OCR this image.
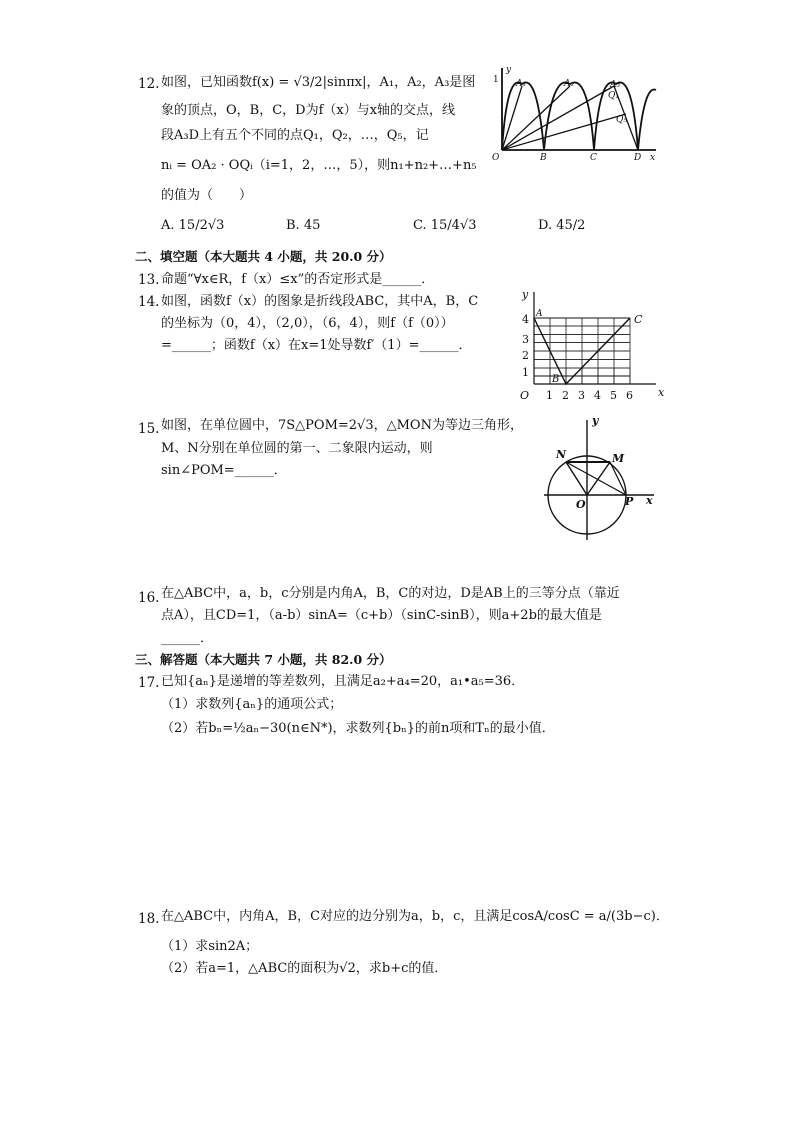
12. 如图，已知函数f(x) = √3/2|sinπx|，A₁，A₂，A₃是图
象的顶点，O，B，C，D为f（x）与x轴的交点，线
段A₃D上有五个不同的点Q₁，Q₂，…，Q₅，记
nᵢ = OA₂ · OQᵢ（i=1，2，…，5），则n₁+n₂+…+n₅
的值为（　　）
A. 15/2√3	B. 45	C. 15/4√3	D. 45/2
y
1 A₁	A₂	A₃
Q₁
Q₅
O	B	C	D x
二、填空题（本大题共 4 小题，共 20.0 分）
13. 命题“∀x∈R，f（x）≤x”的否定形式是______．
14. 如图，函数f（x）的图象是折线段ABC，其中A，B，C
的坐标为（0，4），（2,0），（6，4），则f（f（0））
=______；函数f（x）在x=1处导数f′（1）=______．
y
x
O 1 2 3 4 5 6
1
2
3
4 A
B
C
15. 如图，在单位圆中，7S△POM=2√3，△MON为等边三角形，
M、N分别在单位圆的第一、二象限内运动，则
sin∠POM=______．
y
N	M
O	P x
16. 在△ABC中，a，b，c分别是内角A，B，C的对边，D是AB上的三等分点（靠近
点A），且CD=1，（a-b）sinA=（c+b）（sinC-sinB），则a+2b的最大值是
______．
三、解答题（本大题共 7 小题，共 82.0 分）
17. 已知{aₙ}是递增的等差数列，且满足a₂+a₄=20，a₁•a₅=36．
（1）求数列{aₙ}的通项公式；
（2）若bₙ=½aₙ−30(n∈N*)，求数列{bₙ}的前n项和Tₙ的最小值．
18. 在△ABC中，内角A，B，C对应的边分别为a，b，c，且满足cosA/cosC = a/(3b−c)．
（1）求sin2A；
（2）若a=1，△ABC的面积为√2，求b+c的值．
